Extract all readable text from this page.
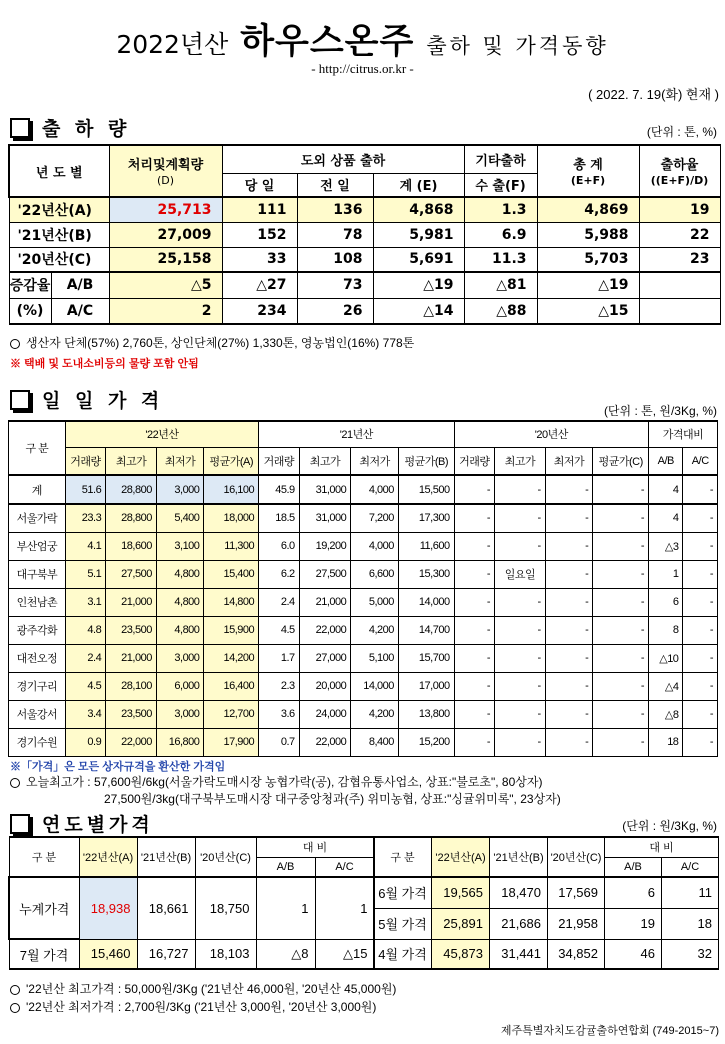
2022년산 하우스온주 출하 및 가격동향
- http://citrus.or.kr -
( 2022. 7. 19(화) 현재 )
출 하 량	(단위 : 톤, %)
년 도 별		처리및계획량
(D)	도외 상품 출하			기타출하	총 계
(E+F)	출하율
((E+F)/D)
			당 일	전 일	계 (E)	수 출(F)		
'22년산(A)		25,713	111	136	4,868	1.3	4,869	19
'21년산(B)		27,009	152	78	5,981	6.9	5,988	22
'20년산(C)		25,158	33	108	5,691	11.3	5,703	23
증감율	A/B	△5	△27	73	△19	△81	△19	
(%)	A/C	2	234	26	△14	△88	△15	
생산자 단체(57%) 2,760톤, 상인단체(27%) 1,330톤, 영농법인(16%) 778톤
※ 택배 및 도내소비등의 물량 포함 안됨
일 일 가 격	(단위 : 톤, 원/3Kg, %)
구 분	'22년산				'21년산				'20년산				가격대비	
	거래량	최고가	최저가	평균가(A)	거래량	최고가	최저가	평균가(B)	거래량	최고가	최저가	평균가(C)	A/B	A/C
계	51.6	28,800	3,000	16,100	45.9	31,000	4,000	15,500	-	-	-	-	4	-
서울가락	23.3	28,800	5,400	18,000	18.5	31,000	7,200	17,300	-	-	-	-	4	-
부산엄궁	4.1	18,600	3,100	11,300	6.0	19,200	4,000	11,600	-	-	-	-	△3	-
대구북부	5.1	27,500	4,800	15,400	6.2	27,500	6,600	15,300	-	일요일	-	-	1	-
인천남촌	3.1	21,000	4,800	14,800	2.4	21,000	5,000	14,000	-	-	-	-	6	-
광주각화	4.8	23,500	4,800	15,900	4.5	22,000	4,200	14,700	-	-	-	-	8	-
대전오정	2.4	21,000	3,000	14,200	1.7	27,000	5,100	15,700	-	-	-	-	△10	-
경기구리	4.5	28,100	6,000	16,400	2.3	20,000	14,000	17,000	-	-	-	-	△4	-
서울강서	3.4	23,500	3,000	12,700	3.6	24,000	4,200	13,800	-	-	-	-	△8	-
경기수원	0.9	22,000	16,800	17,900	0.7	22,000	8,400	15,200	-	-	-	-	18	-
※「가격」은 모든 상자규격을 환산한 가격임
오늘최고가 : 57,600원/6kg(서울가락도매시장 농협가락(공), 감협유통사업소, 상표:"불로초", 80상자)
27,500원/3kg(대구북부도매시장 대구중앙청과(주) 위미농협, 상표:"싱귤위미록", 23상자)
연도별가격	(단위 : 원/3Kg, %)
구 분	'22년산(A)	'21년산(B)	'20년산(C)	대 비	
				A/B	A/C
누계가격	18,938	18,661	18,750	1	1
7월 가격	15,460	16,727	18,103	△8	△15
구 분	'22년산(A)	'21년산(B)	'20년산(C)	대 비	
				A/B	A/C
6월 가격	19,565	18,470	17,569	6	11
5월 가격	25,891	21,686	21,958	19	18
4월 가격	45,873	31,441	34,852	46	32
'22년산 최고가격 : 50,000원/3Kg ('21년산 46,000원, '20년산 45,000원)
'22년산 최저가격 : 2,700원/3Kg ('21년산 3,000원, '20년산 3,000원)
제주특별자치도감귤출하연합회 (749-2015~7)
